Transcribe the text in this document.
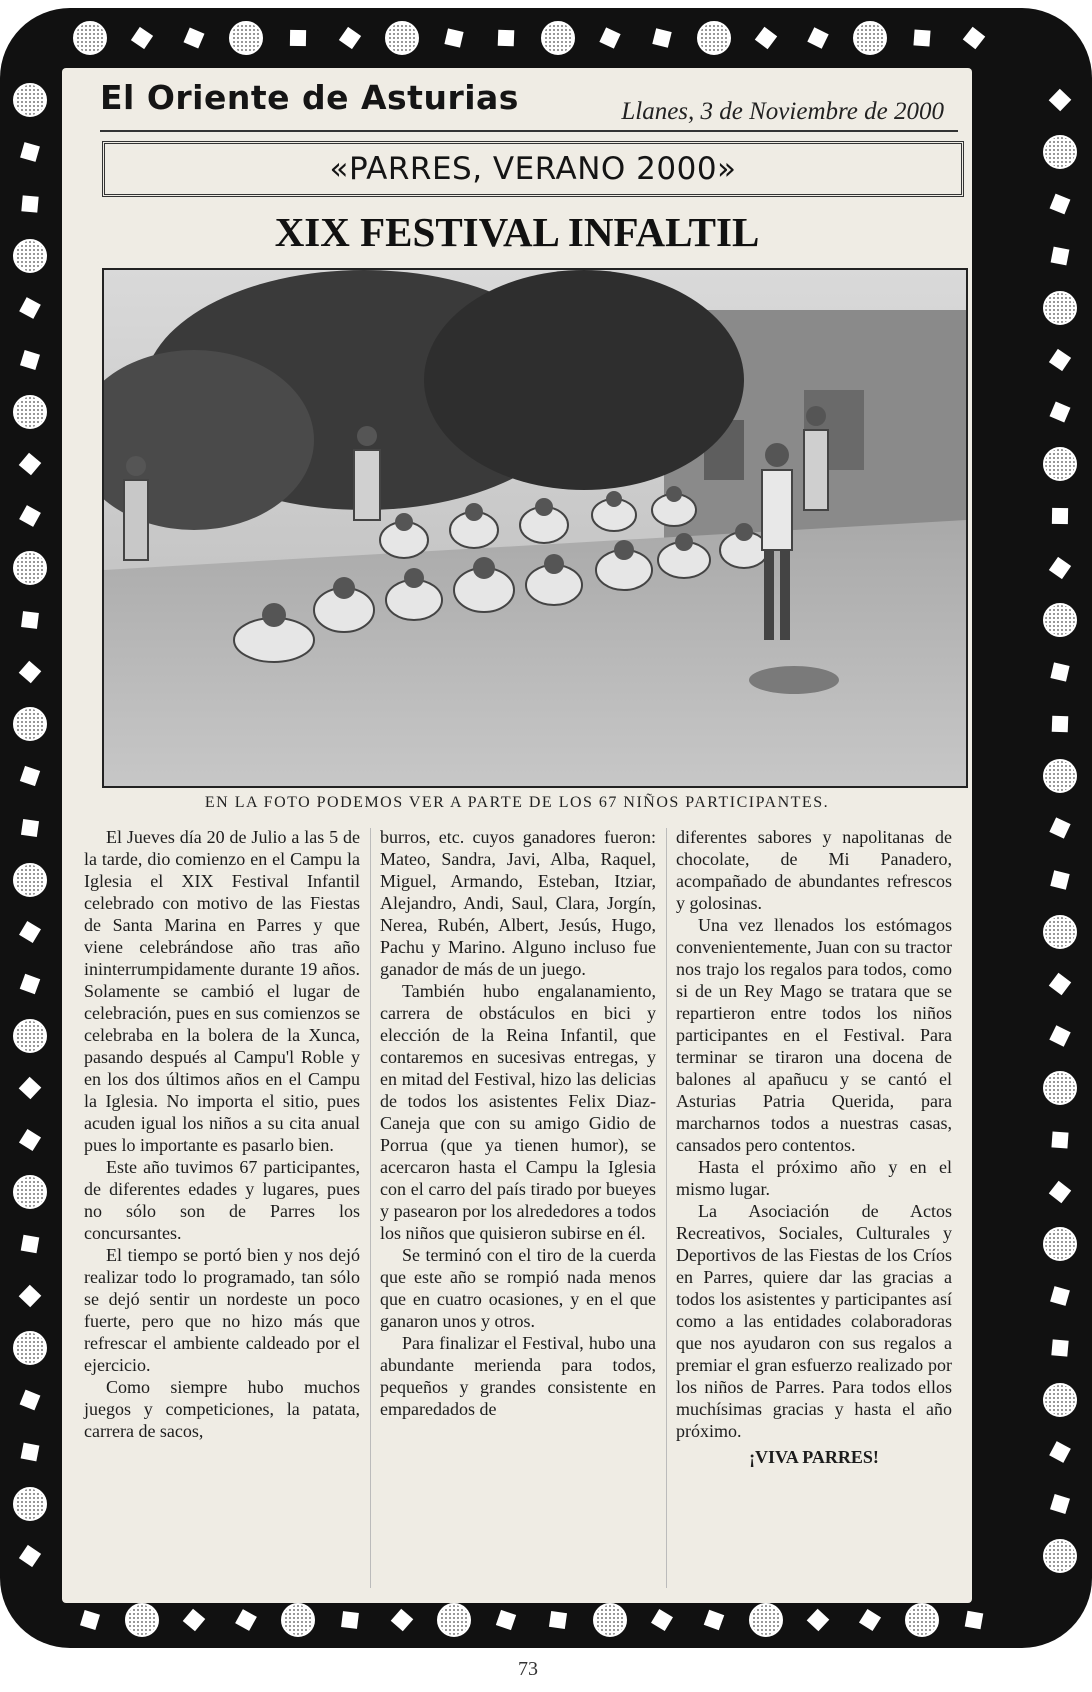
El Oriente de Asturias	Llanes, 3 de Noviembre de 2000
«PARRES, VERANO 2000»
XIX FESTIVAL INFALTIL
EN LA FOTO PODEMOS VER A PARTE DE LOS 67 NIÑOS PARTICIPANTES.

El Jueves día 20 de Julio a las 5 de la tarde, dio comienzo en el Campu la Iglesia el XIX Festival Infantil celebrado con motivo de las Fiestas de Santa Marina en Parres y que viene celebrándose año tras año ininterrumpidamente durante 19 años. Solamente se cambió el lugar de celebración, pues en sus comienzos se celebraba en la bolera de la Xunca, pasando después al Campu'l Roble y en los dos últimos años en el Campu la Iglesia. No importa el sitio, pues acuden igual los niños a su cita anual pues lo importante es pasarlo bien.

Este año tuvimos 67 participantes, de diferentes edades y lugares, pues no sólo son de Parres los concursantes.

El tiempo se portó bien y nos dejó realizar todo lo programado, tan sólo se dejó sentir un nordeste un poco fuerte, pero que no hizo más que refrescar el ambiente caldeado por el ejercicio.

Como siempre hubo muchos juegos y competiciones, la patata, carrera de sacos,

burros, etc. cuyos ganadores fueron: Mateo, Sandra, Javi, Alba, Raquel, Miguel, Armando, Esteban, Itziar, Alejandro, Andi, Saul, Clara, Jorgín, Nerea, Rubén, Albert, Jesús, Hugo, Pachu y Marino. Alguno incluso fue ganador de más de un juego.

También hubo engalanamiento, carrera de obstáculos en bici y elección de la Reina Infantil, que contaremos en sucesivas entregas, y en mitad del Festival, hizo las delicias de todos los asistentes Felix Diaz-Caneja que con su amigo Gidio de Porrua (que ya tienen humor), se acercaron hasta el Campu la Iglesia con el carro del país tirado por bueyes y pasearon por los alrededores a todos los niños que quisieron subirse en él.

Se terminó con el tiro de la cuerda que este año se rompió nada menos que en cuatro ocasiones, y en el que ganaron unos y otros.

Para finalizar el Festival, hubo una abundante merienda para todos, pequeños y grandes consistente en emparedados de

diferentes sabores y napolitanas de chocolate, de Mi Panadero, acompañado de abundantes refrescos y golosinas.

Una vez llenados los estómagos convenientemente, Juan con su tractor nos trajo los regalos para todos, como si de un Rey Mago se tratara que se repartieron entre todos los niños participantes en el Festival. Para terminar se tiraron una docena de balones al apañucu y se cantó el Asturias Patria Querida, para marcharnos todos a nuestras casas, cansados pero contentos.

Hasta el próximo año y en el mismo lugar.

La Asociación de Actos Recreativos, Sociales, Culturales y Deportivos de las Fiestas de los Críos en Parres, quiere dar las gracias a todos los asistentes y participantes así como a las entidades colaboradoras que nos ayudaron con sus regalos a premiar el gran esfuerzo realizado por los niños de Parres. Para todos ellos muchísimas gracias y hasta el año próximo.

¡VIVA PARRES!

73
